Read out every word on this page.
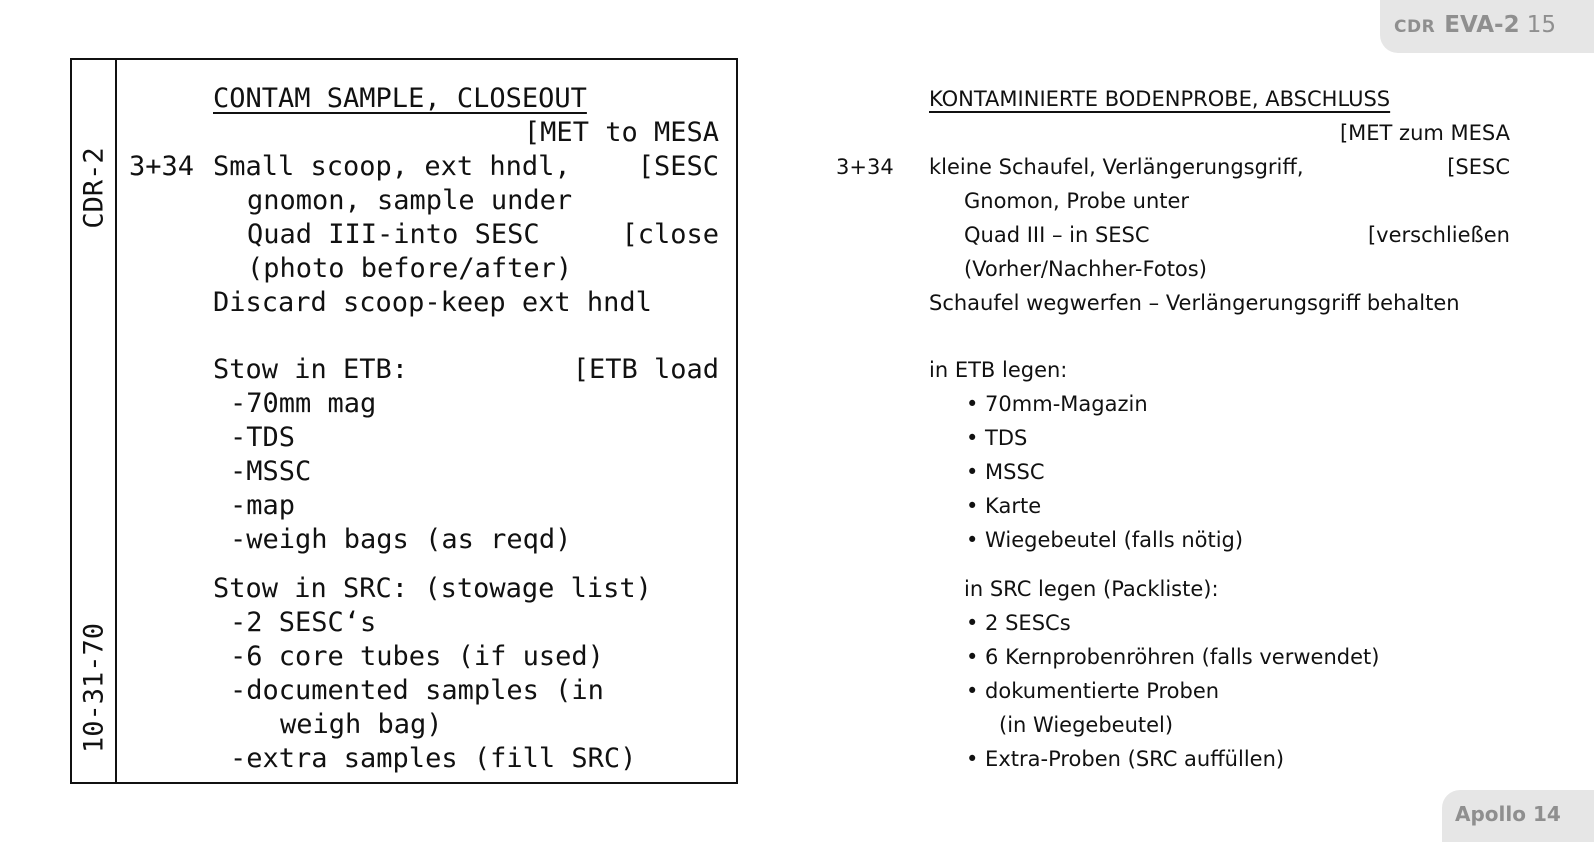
CDR EVA-2 15
CDR-2
10-31-70
CONTAM SAMPLE, CLOSEOUT
[MET to MESA
3+34 Small scoop, ext hndl, [SESC
gnomon, sample under
Quad III-into SESC	[close
(photo before/after)
Discard scoop-keep ext hndl
Stow in ETB:	[ETB load
-70mm mag
-TDS
-MSSC
-map
-weigh bags (as reqd)
Stow in SRC: (stowage list)
-2 SESC‘s
-6 core tubes (if used)
-documented samples (in
weigh bag)
-extra samples (fill SRC)
KONTAMINIERTE BODENPROBE, ABSCHLUSS
[MET zum MESA
3+34 kleine Schaufel, Verlängerungsgriff,	[SESC
Gnomon, Probe unter
Quad III – in SESC	[verschließen
(Vorher/Nachher-Fotos)
Schaufel wegwerfen – Verlängerungsgriff behalten
in ETB legen:
• 70mm-Magazin
• TDS
• MSSC
• Karte
• Wiegebeutel (falls nötig)
in SRC legen (Packliste):
• 2 SESCs
• 6 Kernprobenröhren (falls verwendet)
• dokumentierte Proben
(in Wiegebeutel)
• Extra-Proben (SRC auffüllen)
Apollo 14
